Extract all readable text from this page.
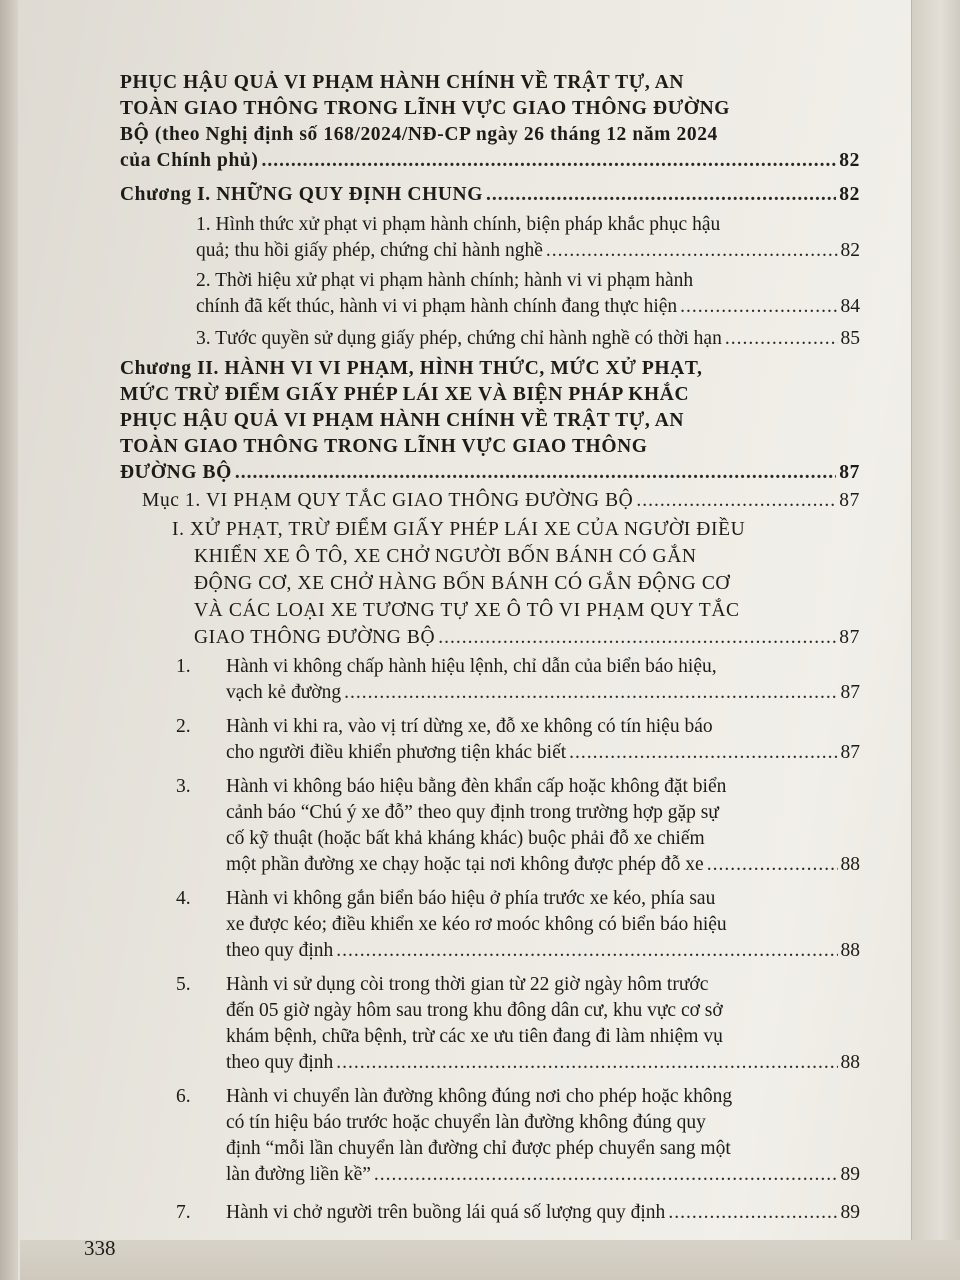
PHỤC HẬU QUẢ VI PHẠM HÀNH CHÍNH VỀ TRẬT TỰ, AN
TOÀN GIAO THÔNG TRONG LĨNH VỰC GIAO THÔNG ĐƯỜNG
BỘ (theo Nghị định số 168/2024/NĐ-CP ngày 26 tháng 12 năm 2024
của Chính phủ) .....	82
Chương I. NHỮNG QUY ĐỊNH CHUNG .....	82
1. Hình thức xử phạt vi phạm hành chính, biện pháp khắc phục hậu
quả; thu hồi giấy phép, chứng chỉ hành nghề .....	82
2. Thời hiệu xử phạt vi phạm hành chính; hành vi vi phạm hành
chính đã kết thúc, hành vi vi phạm hành chính đang thực hiện .....	84
3. Tước quyền sử dụng giấy phép, chứng chỉ hành nghề có thời hạn .....	85
Chương II. HÀNH VI VI PHẠM, HÌNH THỨC, MỨC XỬ PHẠT,
MỨC TRỪ ĐIỂM GIẤY PHÉP LÁI XE VÀ BIỆN PHÁP KHẮC
PHỤC HẬU QUẢ VI PHẠM HÀNH CHÍNH VỀ TRẬT TỰ, AN
TOÀN GIAO THÔNG TRONG LĨNH VỰC GIAO THÔNG
ĐƯỜNG BỘ .....	87
Mục 1. VI PHẠM QUY TẮC GIAO THÔNG ĐƯỜNG BỘ .....	87
I. XỬ PHẠT, TRỪ ĐIỂM GIẤY PHÉP LÁI XE CỦA NGƯỜI ĐIỀU
KHIỂN XE Ô TÔ, XE CHỞ NGƯỜI BỐN BÁNH CÓ GẮN
ĐỘNG CƠ, XE CHỞ HÀNG BỐN BÁNH CÓ GẮN ĐỘNG CƠ
VÀ CÁC LOẠI XE TƯƠNG TỰ XE Ô TÔ VI PHẠM QUY TẮC
GIAO THÔNG ĐƯỜNG BỘ .....	87
1. Hành vi không chấp hành hiệu lệnh, chỉ dẫn của biển báo hiệu,
vạch kẻ đường .....	87
2. Hành vi khi ra, vào vị trí dừng xe, đỗ xe không có tín hiệu báo
cho người điều khiển phương tiện khác biết .....	87
3. Hành vi không báo hiệu bằng đèn khẩn cấp hoặc không đặt biển
cảnh báo “Chú ý xe đỗ” theo quy định trong trường hợp gặp sự
cố kỹ thuật (hoặc bất khả kháng khác) buộc phải đỗ xe chiếm
một phần đường xe chạy hoặc tại nơi không được phép đỗ xe .....	88
4. Hành vi không gắn biển báo hiệu ở phía trước xe kéo, phía sau
xe được kéo; điều khiển xe kéo rơ moóc không có biển báo hiệu
theo quy định .....	88
5. Hành vi sử dụng còi trong thời gian từ 22 giờ ngày hôm trước
đến 05 giờ ngày hôm sau trong khu đông dân cư, khu vực cơ sở
khám bệnh, chữa bệnh, trừ các xe ưu tiên đang đi làm nhiệm vụ
theo quy định .....	88
6. Hành vi chuyển làn đường không đúng nơi cho phép hoặc không
có tín hiệu báo trước hoặc chuyển làn đường không đúng quy
định “mỗi lần chuyển làn đường chỉ được phép chuyển sang một
làn đường liền kề” .....	89
7. Hành vi chở người trên buồng lái quá số lượng quy định .....	89
338
